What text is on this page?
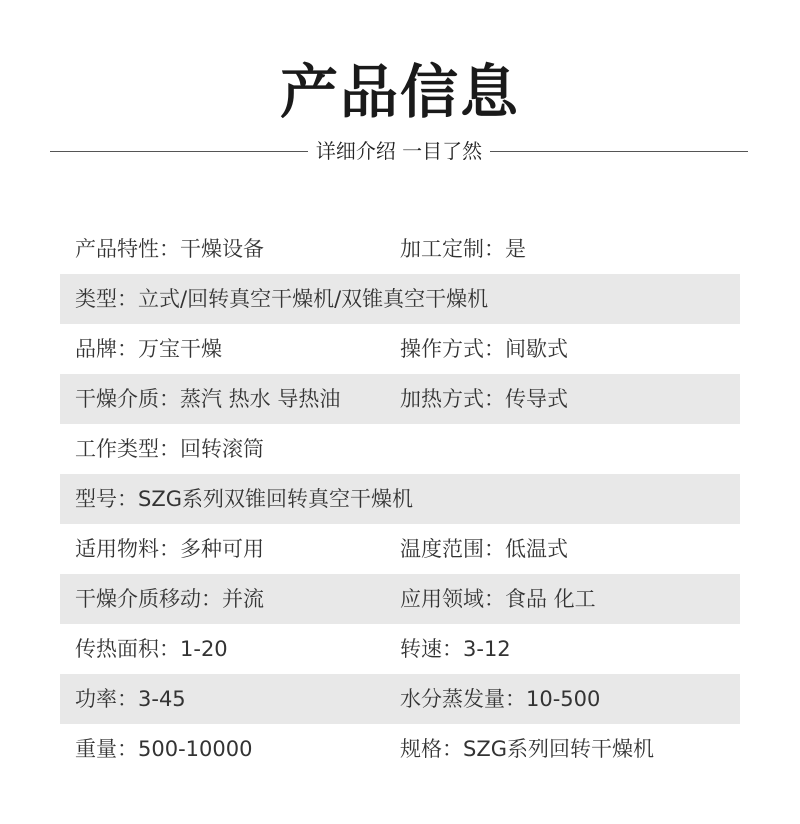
产品信息
详细介绍 一目了然
产品特性：干燥设备	加工定制：是
类型：立式/回转真空干燥机/双锥真空干燥机
品牌：万宝干燥	操作方式：间歇式
干燥介质：蒸汽 热水 导热油	加热方式：传导式
工作类型：回转滚筒
型号：SZG系列双锥回转真空干燥机
适用物料：多种可用	温度范围：低温式
干燥介质移动：并流	应用领域：食品 化工
传热面积：1-20	转速：3-12
功率：3-45	水分蒸发量：10-500
重量：500-10000	规格：SZG系列回转干燥机
